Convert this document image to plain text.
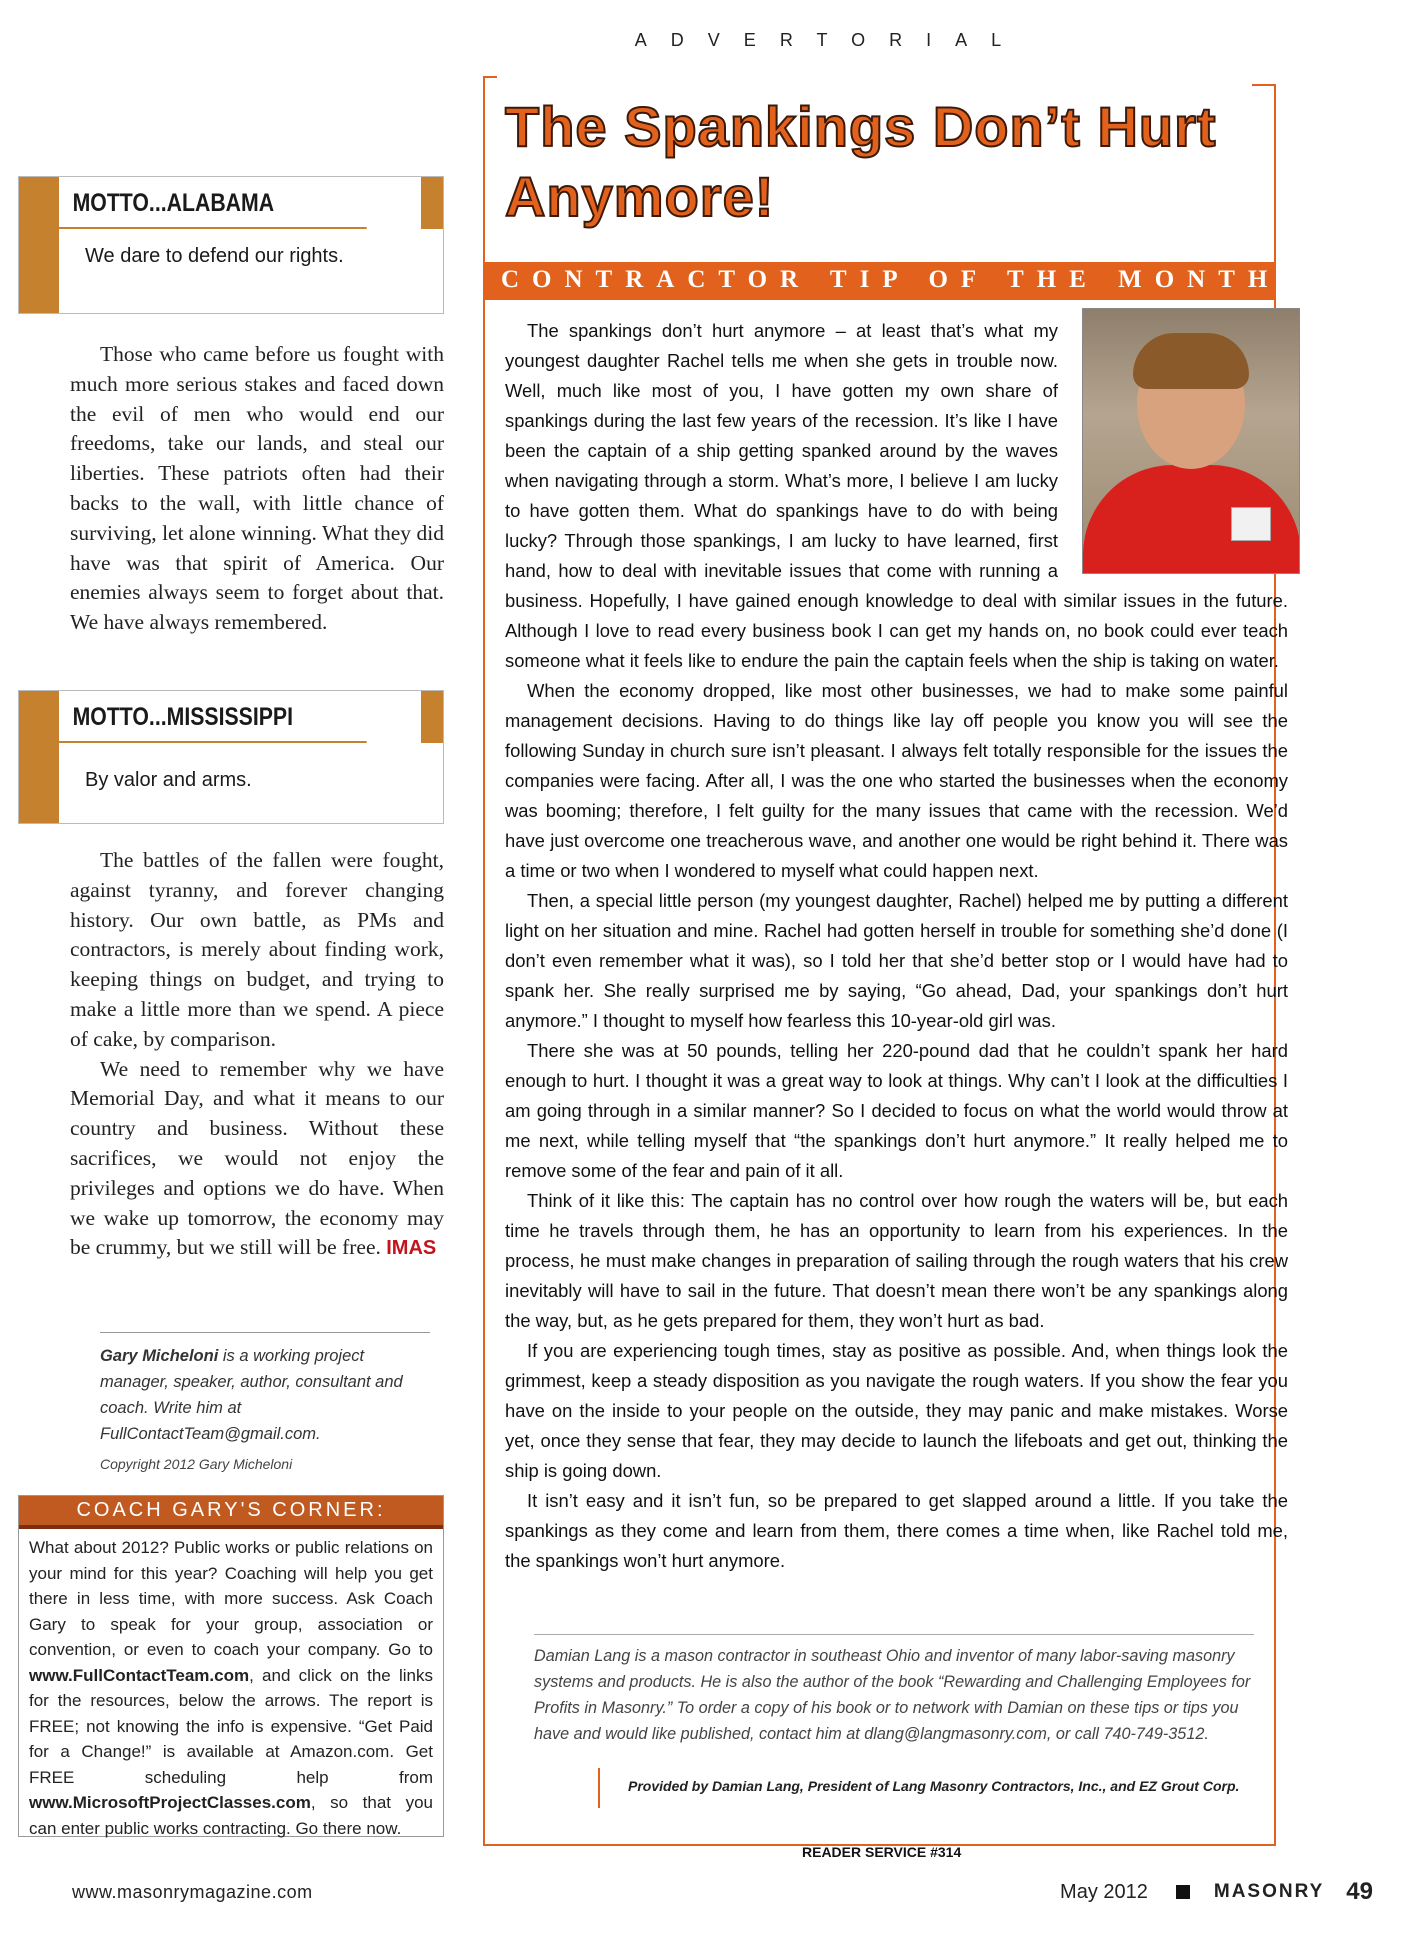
ADVERTORIAL
MOTTO...ALABAMA
We dare to defend our rights.

Those who came before us fought with much more serious stakes and faced down the evil of men who would end our freedoms, take our lands, and steal our liberties. These patriots often had their backs to the wall, with little chance of surviving, let alone winning. What they did have was that spirit of America. Our enemies always seem to forget about that. We have always remembered.

MOTTO...MISSISSIPPI
By valor and arms.

The battles of the fallen were fought, against tyranny, and forever changing history. Our own battle, as PMs and contractors, is merely about finding work, keeping things on budget, and trying to make a little more than we spend. A piece of cake, by comparison.

We need to remember why we have Memorial Day, and what it means to our country and business. Without these sacrifices, we would not enjoy the privileges and options we do have. When we wake up tomorrow, the economy may be crummy, but we still will be free. IMAS

Gary Micheloni is a working project manager, speaker, author, consultant and coach. Write him at FullContactTeam@gmail.com.
Copyright 2012 Gary Micheloni
COACH GARY'S CORNER:
What about 2012? Public works or public relations on your mind for this year? Coaching will help you get there in less time, with more success. Ask Coach Gary to speak for your group, association or convention, or even to coach your company. Go to www.FullContactTeam.com, and click on the links for the resources, below the arrows. The report is FREE; not knowing the info is expensive. “Get Paid for a Change!” is available at Amazon.com. Get FREE scheduling help from www.MicrosoftProjectClasses.com, so that you can enter public works contracting. Go there now.
The Spankings Don’t Hurt Anymore!
CONTRACTOR TIP OF THE MONTH

The spankings don’t hurt anymore – at least that’s what my youngest daughter Rachel tells me when she gets in trouble now. Well, much like most of you, I have gotten my own share of spankings during the last few years of the recession. It’s like I have been the captain of a ship getting spanked around by the waves when navigating through a storm. What’s more, I believe I am lucky to have gotten them. What do spankings have to do with being lucky? Through those spankings, I am lucky to have learned, first hand, how to deal with inevitable issues that come with running a business. Hopefully, I have gained enough knowledge to deal with similar issues in the future. Although I love to read every business book I can get my hands on, no book could ever teach someone what it feels like to endure the pain the captain feels when the ship is taking on water.

When the economy dropped, like most other businesses, we had to make some painful management decisions. Having to do things like lay off people you know you will see the following Sunday in church sure isn’t pleasant. I always felt totally responsible for the issues the companies were facing. After all, I was the one who started the businesses when the economy was booming; therefore, I felt guilty for the many issues that came with the recession. We’d have just overcome one treacherous wave, and another one would be right behind it. There was a time or two when I wondered to myself what could happen next.

Then, a special little person (my youngest daughter, Rachel) helped me by putting a different light on her situation and mine. Rachel had gotten herself in trouble for something she’d done (I don’t even remember what it was), so I told her that she’d better stop or I would have had to spank her. She really surprised me by saying, “Go ahead, Dad, your spankings don’t hurt anymore.” I thought to myself how fearless this 10-year-old girl was.

There she was at 50 pounds, telling her 220-pound dad that he couldn’t spank her hard enough to hurt. I thought it was a great way to look at things. Why can’t I look at the difficulties I am going through in a similar manner? So I decided to focus on what the world would throw at me next, while telling myself that “the spankings don’t hurt anymore.” It really helped me to remove some of the fear and pain of it all.

Think of it like this: The captain has no control over how rough the waters will be, but each time he travels through them, he has an opportunity to learn from his experiences. In the process, he must make changes in preparation of sailing through the rough waters that his crew inevitably will have to sail in the future. That doesn’t mean there won’t be any spankings along the way, but, as he gets prepared for them, they won’t hurt as bad.

If you are experiencing tough times, stay as positive as possible. And, when things look the grimmest, keep a steady disposition as you navigate the rough waters. If you show the fear you have on the inside to your people on the outside, they may panic and make mistakes. Worse yet, once they sense that fear, they may decide to launch the lifeboats and get out, thinking the ship is going down.

It isn’t easy and it isn’t fun, so be prepared to get slapped around a little. If you take the spankings as they come and learn from them, there comes a time when, like Rachel told me, the spankings won’t hurt anymore.

Damian Lang is a mason contractor in southeast Ohio and inventor of many labor-saving masonry systems and products. He is also the author of the book “Rewarding and Challenging Employees for Profits in Masonry.” To order a copy of his book or to network with Damian on these tips or tips you have and would like published, contact him at dlang@langmasonry.com, or call 740-749-3512.
Provided by Damian Lang, President of Lang Masonry Contractors, Inc., and EZ Grout Corp.
READER SERVICE #314
www.masonrymagazine.com	May 2012	MASONRY 49
